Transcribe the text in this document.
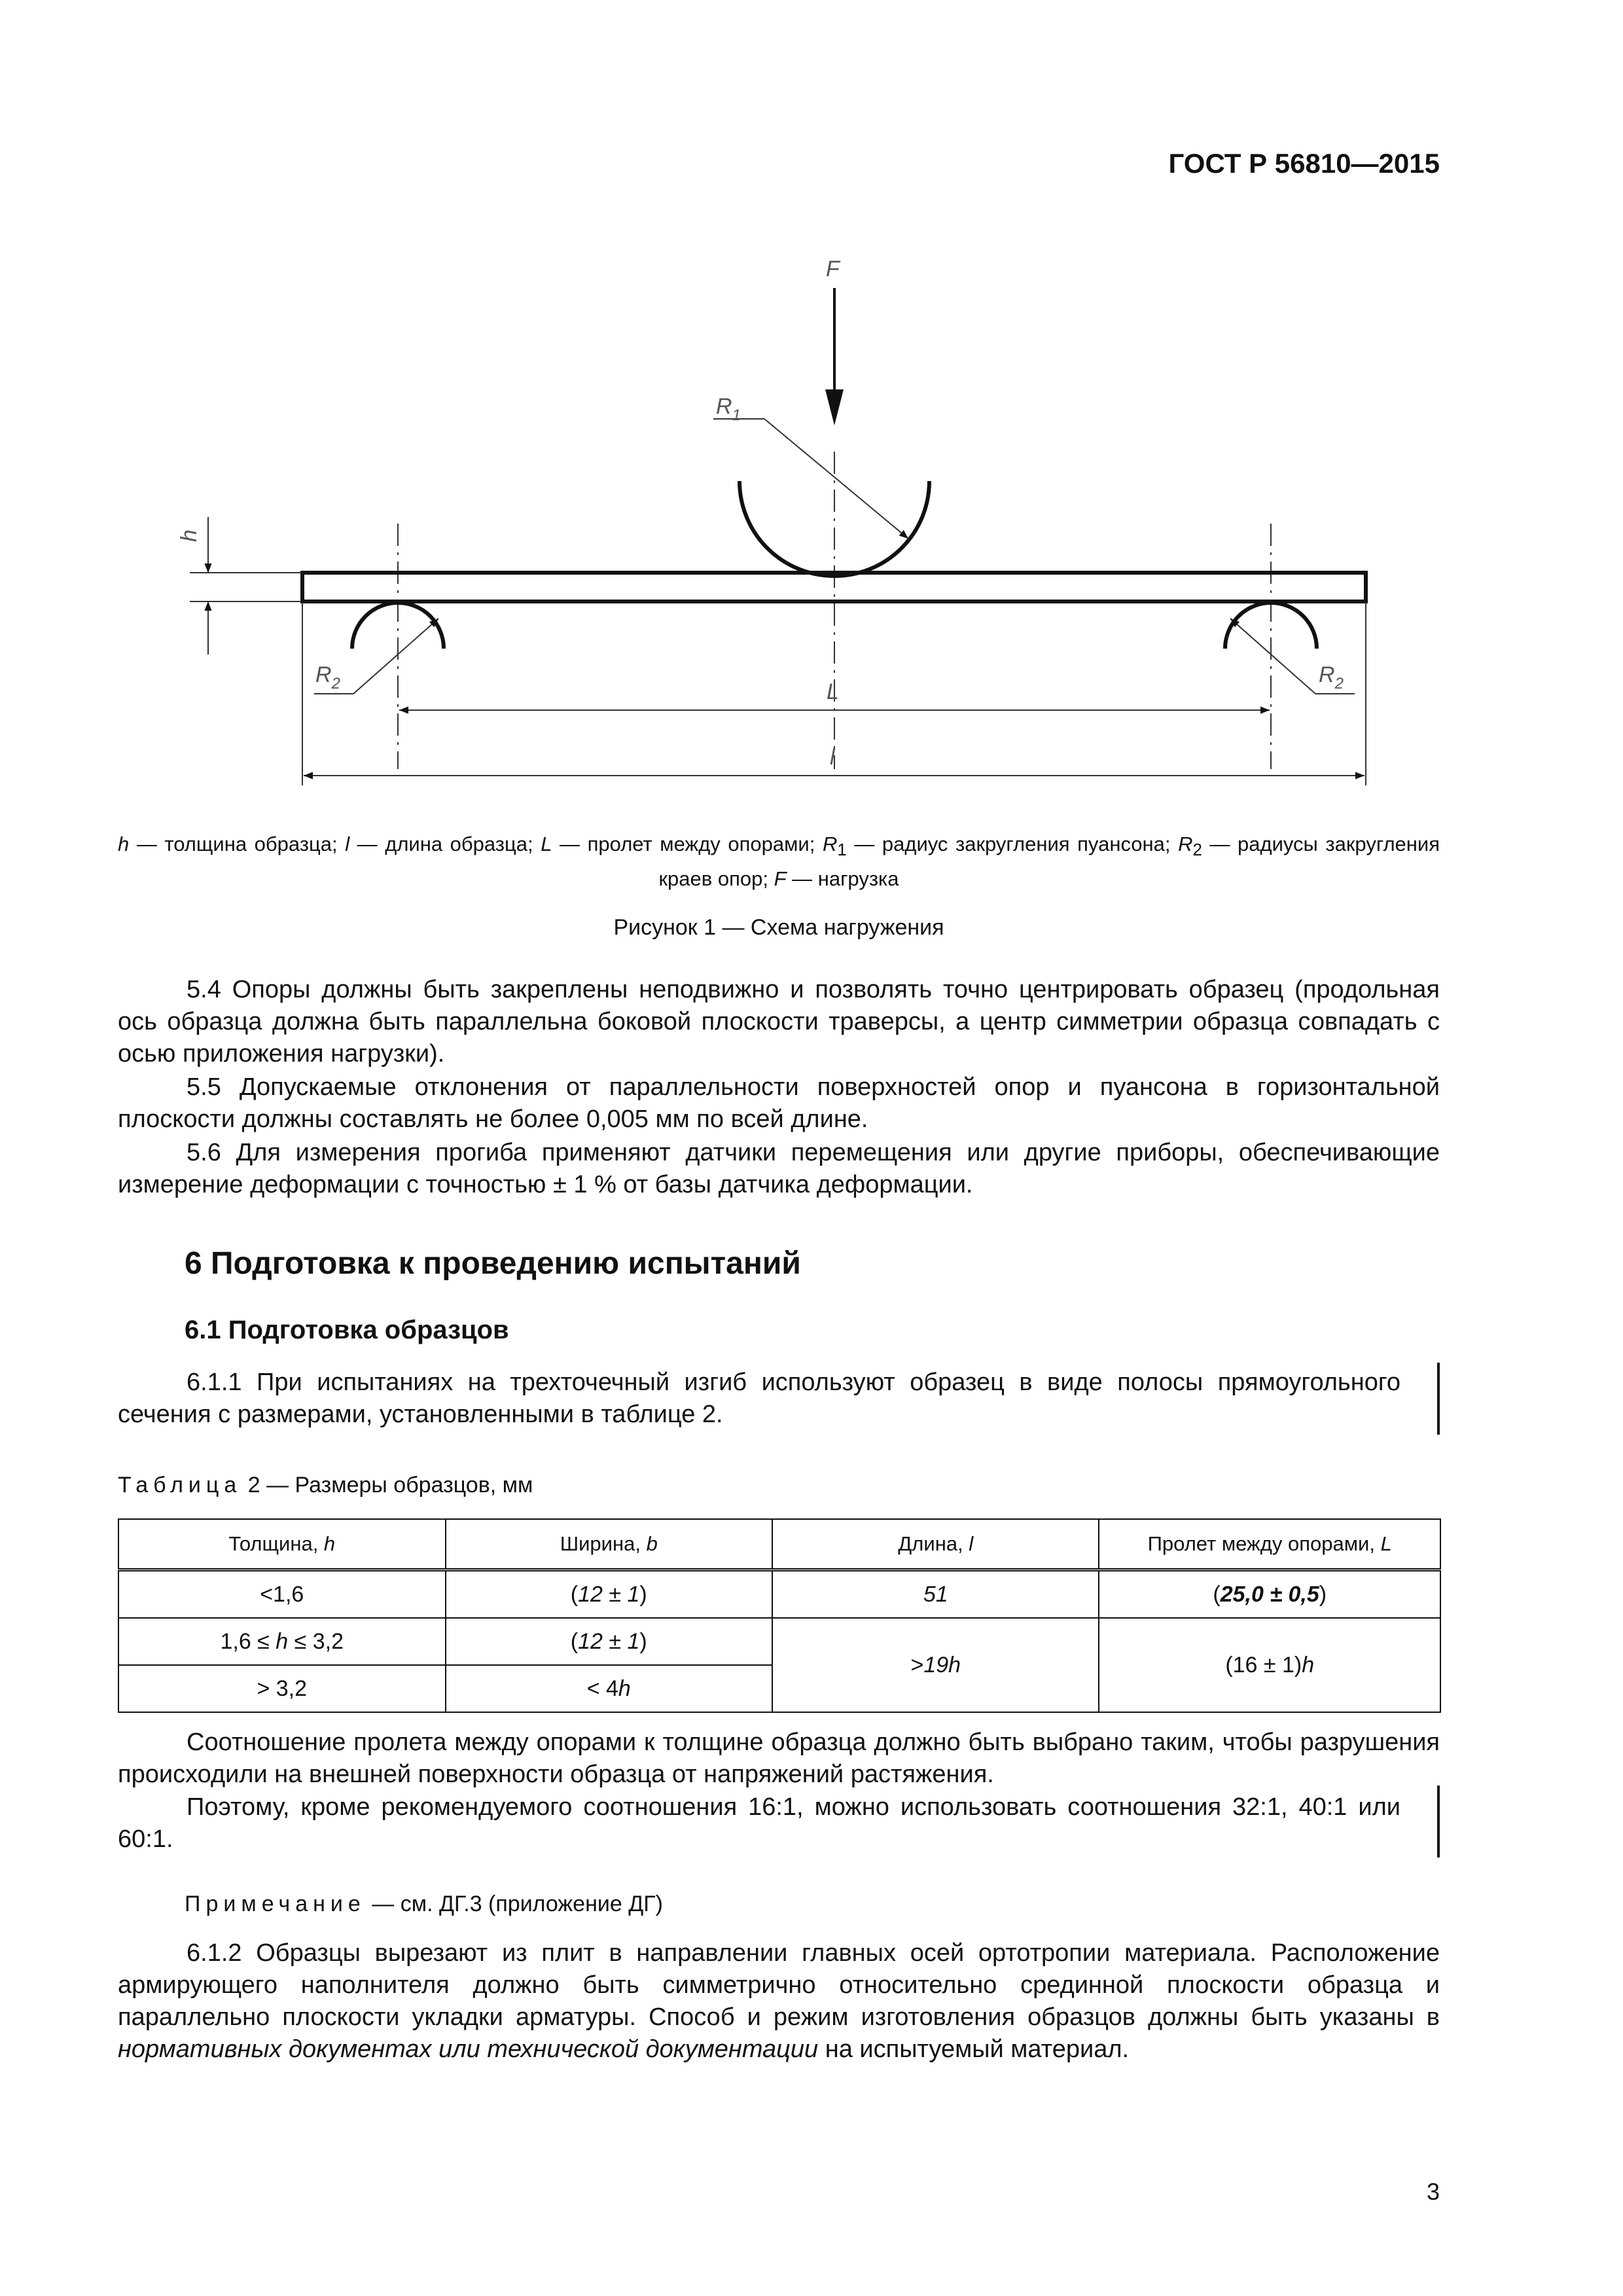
ГОСТ Р 56810—2015
F
$R_1$
$R_2$	$R_2$
h
L
l
h — толщина образца; l — длина образца; L — пролет между опорами; $R_1$ — радиус закругления пуансона; $R_2$ — радиусы закругления краев опор; F — нагрузка
Рисунок 1 — Схема нагружения
5.4 Опоры должны быть закреплены неподвижно и позволять точно центрировать образец (продольная ось образца должна быть параллельна боковой плоскости траверсы, а центр симметрии образца совпадать с осью приложения нагрузки).
5.5 Допускаемые отклонения от параллельности поверхностей опор и пуансона в горизонтальной плоскости должны составлять не более 0,005 мм по всей длине.
5.6 Для измерения прогиба применяют датчики перемещения или другие приборы, обеспечивающие измерение деформации с точностью ± 1 % от базы датчика деформации.
6 Подготовка к проведению испытаний
6.1 Подготовка образцов
6.1.1 При испытаниях на трехточечный изгиб используют образец в виде полосы прямоугольного сечения с размерами, установленными в таблице 2.
Таблица 2 — Размеры образцов, мм
Толщина, h	Ширина, b	Длина, l	Пролет между опорами, L
<1,6	(12 ± 1)	51	(25,0 ± 0,5)
1,6 ≤ h ≤ 3,2	(12 ± 1)	>19h	(16 ± 1)h
> 3,2	< 4h		
Соотношение пролета между опорами к толщине образца должно быть выбрано таким, чтобы разрушения происходили на внешней поверхности образца от напряжений растяжения.
Поэтому, кроме рекомендуемого соотношения 16:1, можно использовать соотношения 32:1, 40:1 или 60:1.
Примечание — см. ДГ.3 (приложение ДГ)
6.1.2 Образцы вырезают из плит в направлении главных осей ортотропии материала. Расположение армирующего наполнителя должно быть симметрично относительно срединной плоскости образца и параллельно плоскости укладки арматуры. Способ и режим изготовления образцов должны быть указаны в нормативных документах или технической документации на испытуемый материал.
3
